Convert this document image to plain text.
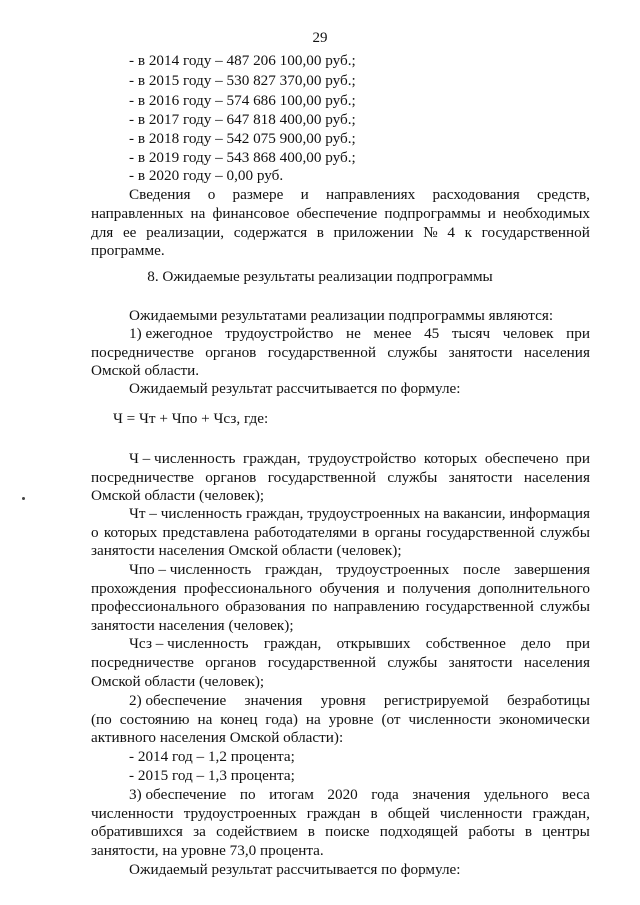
29
- в 2014 году – 487 206 100,00 руб.;
- в 2015 году – 530 827 370,00 руб.;
- в 2016 году – 574 686 100,00 руб.;
- в 2017 году – 647 818 400,00 руб.;
- в 2018 году – 542 075 900,00 руб.;
- в 2019 году – 543 868 400,00 руб.;
- в 2020 году – 0,00 руб.
Сведения о размере и направлениях расходования средств,
направленных на финансовое обеспечение подпрограммы и необходимых
для ее реализации, содержатся в приложении № 4 к государственной
программе.
8. Ожидаемые результаты реализации подпрограммы
Ожидаемыми результатами реализации подпрограммы являются:
1) ежегодное трудоустройство не менее 45 тысяч человек при
посредничестве органов государственной службы занятости населения
Омской области.
Ожидаемый результат рассчитывается по формуле:
Ч = Чт + Чпо + Чсз, где:
Ч – численность граждан, трудоустройство которых обеспечено при
посредничестве органов государственной службы занятости населения
Омской области (человек);
Чт – численность граждан, трудоустроенных на вакансии, информация
о которых представлена работодателями в органы государственной службы
занятости населения Омской области (человек);
Чпо – численность граждан, трудоустроенных после завершения
прохождения профессионального обучения и получения дополнительного
профессионального образования по направлению государственной службы
занятости населения (человек);
Чсз – численность граждан, открывших собственное дело при
посредничестве органов государственной службы занятости населения
Омской области (человек);
2) обеспечение значения уровня регистрируемой безработицы
(по состоянию на конец года) на уровне (от численности экономически
активного населения Омской области):
- 2014 год – 1,2 процента;
- 2015 год – 1,3 процента;
3) обеспечение по итогам 2020 года значения удельного веса
численности трудоустроенных граждан в общей численности граждан,
обратившихся за содействием в поиске подходящей работы в центры
занятости, на уровне 73,0 процента.
Ожидаемый результат рассчитывается по формуле:
